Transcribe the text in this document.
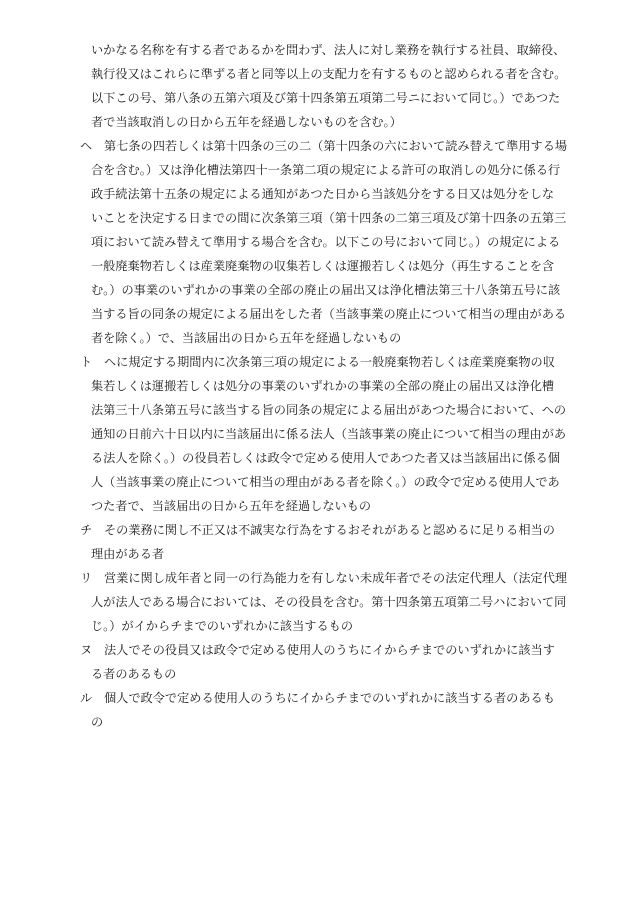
いかなる名称を有する者であるかを問わず、法人に対し業務を執行する社員、取締役、
執行役又はこれらに準ずる者と同等以上の支配力を有するものと認められる者を含む。
以下この号、第八条の五第六項及び第十四条第五項第二号ニにおいて同じ。）であつた
者で当該取消しの日から五年を経過しないものを含む。）
ヘ 第七条の四若しくは第十四条の三の二（第十四条の六において読み替えて準用する場
合を含む。）又は浄化槽法第四十一条第二項の規定による許可の取消しの処分に係る行
政手続法第十五条の規定による通知があつた日から当該処分をする日又は処分をしな
いことを決定する日までの間に次条第三項（第十四条の二第三項及び第十四条の五第三
項において読み替えて準用する場合を含む。以下この号において同じ。）の規定による
一般廃棄物若しくは産業廃棄物の収集若しくは運搬若しくは処分（再生することを含
む。）の事業のいずれかの事業の全部の廃止の届出又は浄化槽法第三十八条第五号に該
当する旨の同条の規定による届出をした者（当該事業の廃止について相当の理由がある
者を除く。）で、当該届出の日から五年を経過しないもの
ト ヘに規定する期間内に次条第三項の規定による一般廃棄物若しくは産業廃棄物の収
集若しくは運搬若しくは処分の事業のいずれかの事業の全部の廃止の届出又は浄化槽
法第三十八条第五号に該当する旨の同条の規定による届出があつた場合において、ヘの
通知の日前六十日以内に当該届出に係る法人（当該事業の廃止について相当の理由があ
る法人を除く。）の役員若しくは政令で定める使用人であつた者又は当該届出に係る個
人（当該事業の廃止について相当の理由がある者を除く。）の政令で定める使用人であ
つた者で、当該届出の日から五年を経過しないもの
チ その業務に関し不正又は不誠実な行為をするおそれがあると認めるに足りる相当の
理由がある者
リ 営業に関し成年者と同一の行為能力を有しない未成年者でその法定代理人（法定代理
人が法人である場合においては、その役員を含む。第十四条第五項第二号ハにおいて同
じ。）がイからチまでのいずれかに該当するもの
ヌ 法人でその役員又は政令で定める使用人のうちにイからチまでのいずれかに該当す
る者のあるもの
ル 個人で政令で定める使用人のうちにイからチまでのいずれかに該当する者のあるも
の
